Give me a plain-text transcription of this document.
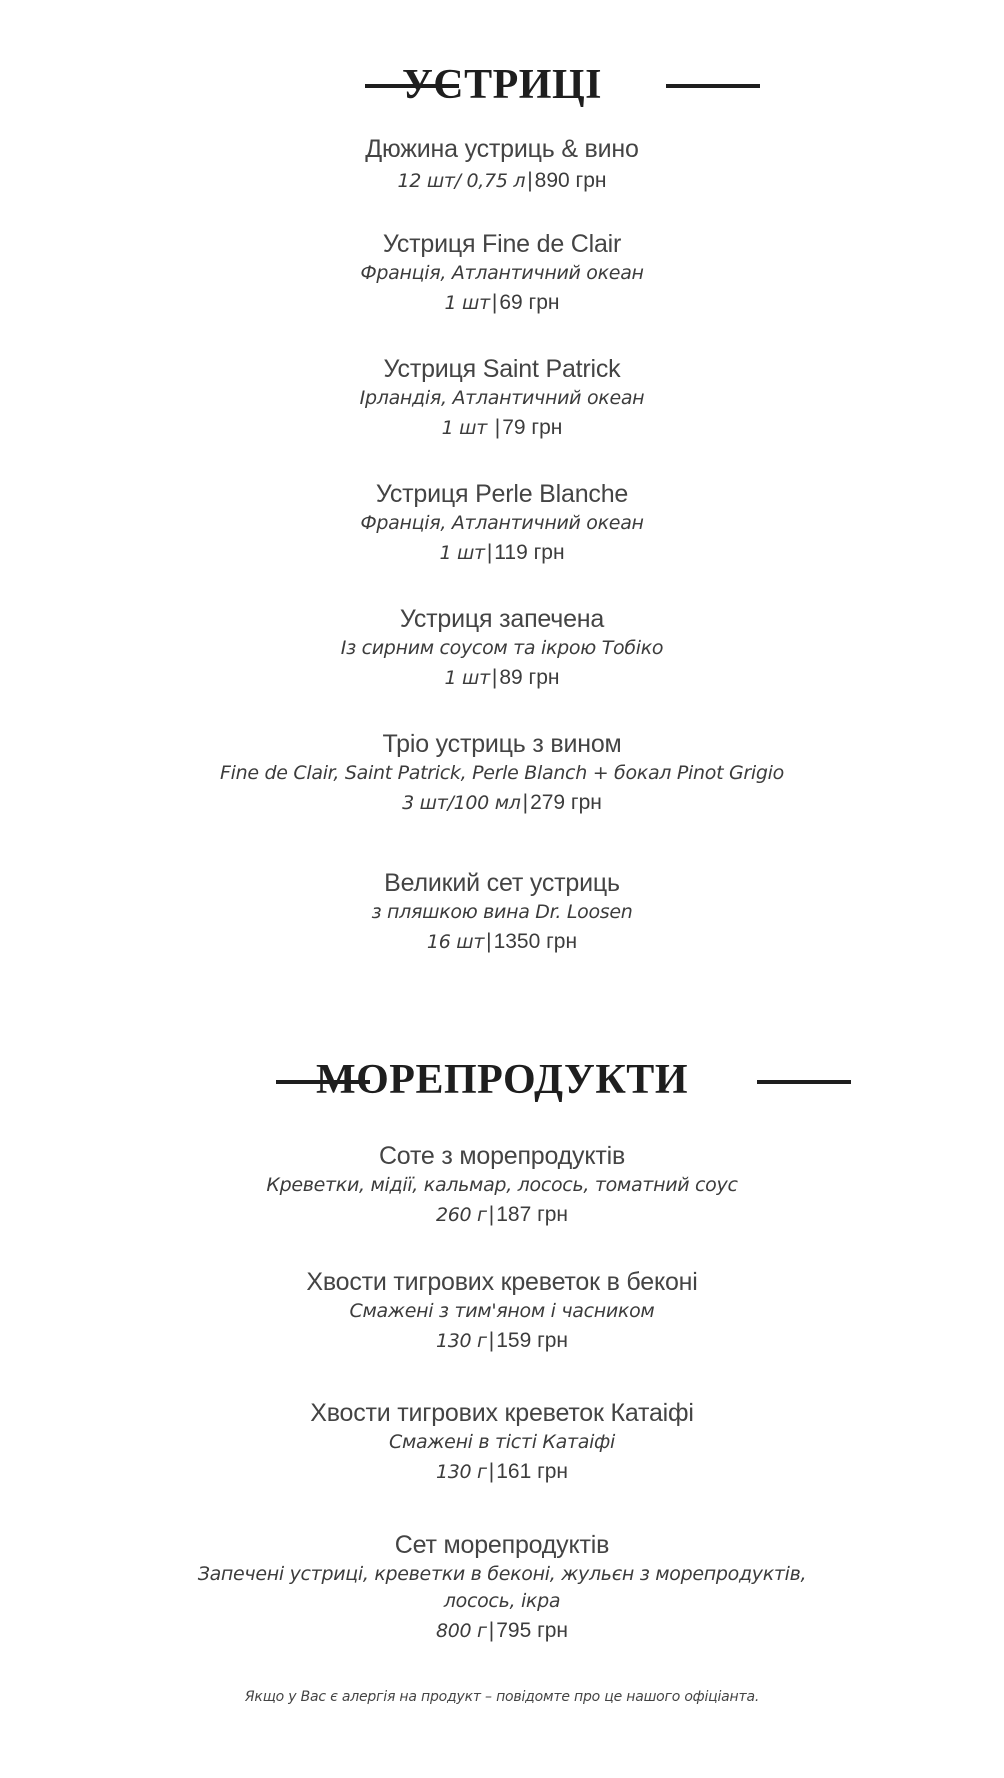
УСТРИЦІ
Дюжина устриць & вино
12 шт/ 0,75 л|890 грн
Устриця Fine de Clair
Франція, Атлантичний океан
1 шт|69 грн
Устриця Saint Patrick
Ірландія, Атлантичний океан
1 шт |79 грн
Устриця Perle Blanche
Франція, Атлантичний океан
1 шт|119 грн
Устриця запечена
Із сирним соусом та ікрою Тобіко
1 шт|89 грн
Тріо устриць з вином
Fine de Clair, Saint Patrick, Perle Blanch + бокал Pinot Grigio
3 шт/100 мл|279 грн
Великий сет устриць
з пляшкою вина Dr. Loosen
16 шт|1350 грн
МОРЕПРОДУКТИ
Соте з морепродуктів
Креветки, мідії, кальмар, лосось, томатний соус
260 г|187 грн
Хвости тигрових креветок в беконі
Смажені з тим'яном і часником
130 г|159 грн
Хвости тигрових креветок Катаіфі
Смажені в тісті Катаіфі
130 г|161 грн
Сет морепродуктів
Запечені устриці, креветки в беконі, жульєн з морепродуктів, лосось, ікра
800 г|795 грн
Якщо у Вас є алергія на продукт – повідомте про це нашого офіціанта.
